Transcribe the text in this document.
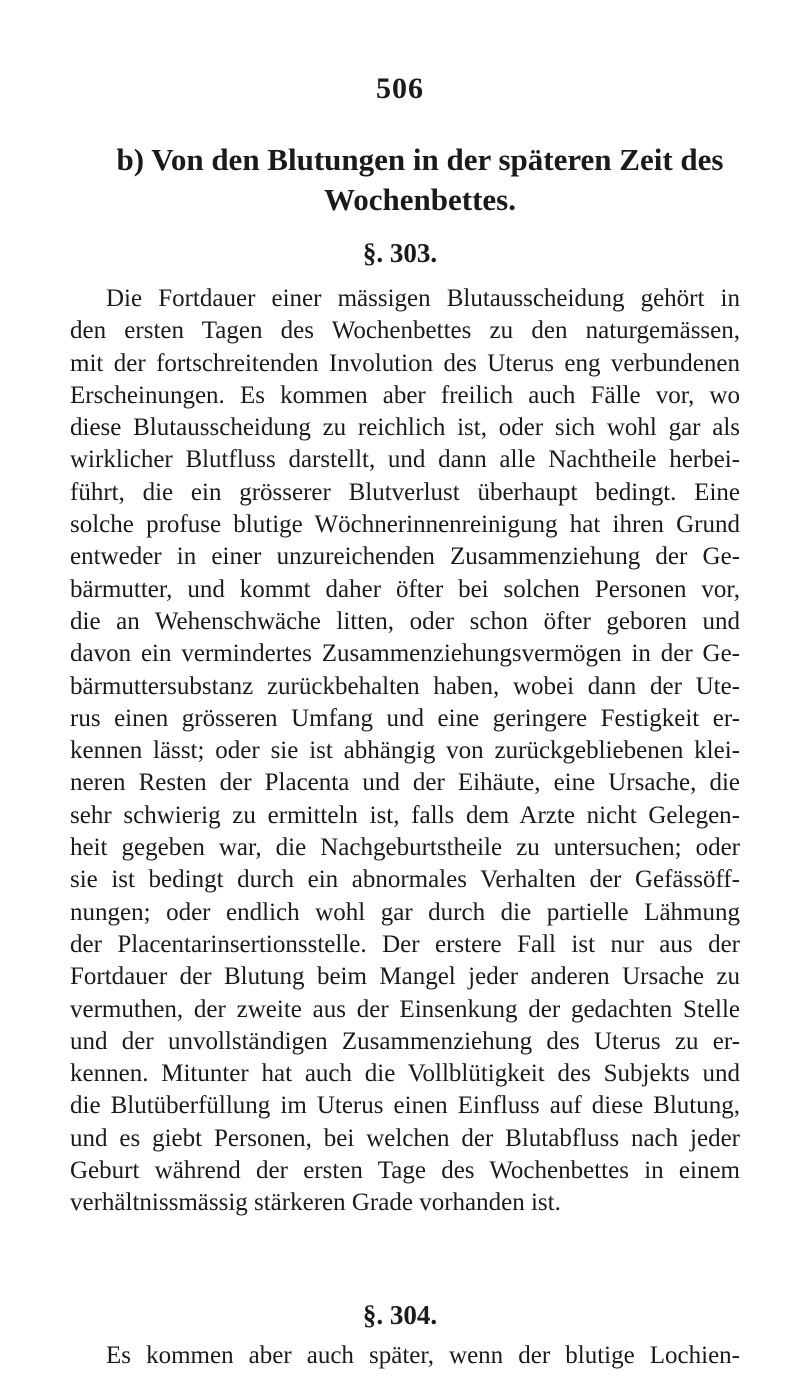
506
b) Von den Blutungen in der späteren Zeit des
Wochenbettes.
§. 303.
Die Fortdauer einer mässigen Blutausscheidung gehört in
den ersten Tagen des Wochenbettes zu den naturgemässen,
mit der fortschreitenden Involution des Uterus eng verbundenen
Erscheinungen. Es kommen aber freilich auch Fälle vor, wo
diese Blutausscheidung zu reichlich ist, oder sich wohl gar als
wirklicher Blutfluss darstellt, und dann alle Nachtheile herbei-
führt, die ein grösserer Blutverlust überhaupt bedingt. Eine
solche profuse blutige Wöchnerinnenreinigung hat ihren Grund
entweder in einer unzureichenden Zusammenziehung der Ge-
bärmutter, und kommt daher öfter bei solchen Personen vor,
die an Wehenschwäche litten, oder schon öfter geboren und
davon ein vermindertes Zusammenziehungsvermögen in der Ge-
bärmuttersubstanz zurückbehalten haben, wobei dann der Ute-
rus einen grösseren Umfang und eine geringere Festigkeit er-
kennen lässt; oder sie ist abhängig von zurückgebliebenen klei-
neren Resten der Placenta und der Eihäute, eine Ursache, die
sehr schwierig zu ermitteln ist, falls dem Arzte nicht Gelegen-
heit gegeben war, die Nachgeburtstheile zu untersuchen; oder
sie ist bedingt durch ein abnormales Verhalten der Gefässöff-
nungen; oder endlich wohl gar durch die partielle Lähmung
der Placentarinsertionsstelle. Der erstere Fall ist nur aus der
Fortdauer der Blutung beim Mangel jeder anderen Ursache zu
vermuthen, der zweite aus der Einsenkung der gedachten Stelle
und der unvollständigen Zusammenziehung des Uterus zu er-
kennen. Mitunter hat auch die Vollblütigkeit des Subjekts und
die Blutüberfüllung im Uterus einen Einfluss auf diese Blutung,
und es giebt Personen, bei welchen der Blutabfluss nach jeder
Geburt während der ersten Tage des Wochenbettes in einem
verhältnissmässig stärkeren Grade vorhanden ist.
§. 304.
Es kommen aber auch später, wenn der blutige Lochien-
